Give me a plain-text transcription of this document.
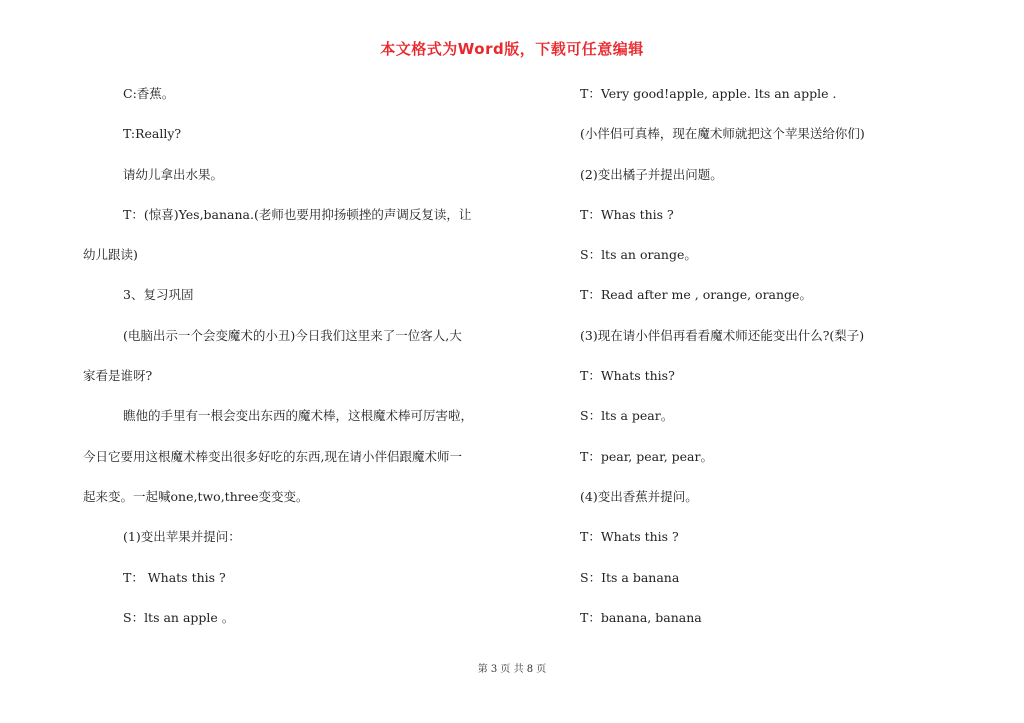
本文格式为Word版，下载可任意编辑
C:香蕉。
T:Really?
请幼儿拿出水果。
T：(惊喜)Yes,banana.(老师也要用抑扬顿挫的声调反复读，让
幼儿跟读)
3、复习巩固
(电脑出示一个会变魔术的小丑)今日我们这里来了一位客人,大
家看是谁呀?
瞧他的手里有一根会变出东西的魔术棒，这根魔术棒可厉害啦，
今日它要用这根魔术棒变出很多好吃的东西,现在请小伴侣跟魔术师一
起来变。一起喊one,two,three变变变。
(1)变出苹果并提问：
T： Whats this ?
S：lts an apple 。
T：Very good!apple, apple. lts an apple .
(小伴侣可真棒，现在魔术师就把这个苹果送给你们)
(2)变出橘子并提出问题。
T：Whas this ?
S：lts an orange。
T：Read after me , orange, orange。
(3)现在请小伴侣再看看魔术师还能变出什么?(梨子)
T：Whats this?
S：lts a pear。
T：pear, pear, pear。
(4)变出香蕉并提问。
T：Whats this ?
S：Its a banana
T：banana, banana
第 3 页 共 8 页
